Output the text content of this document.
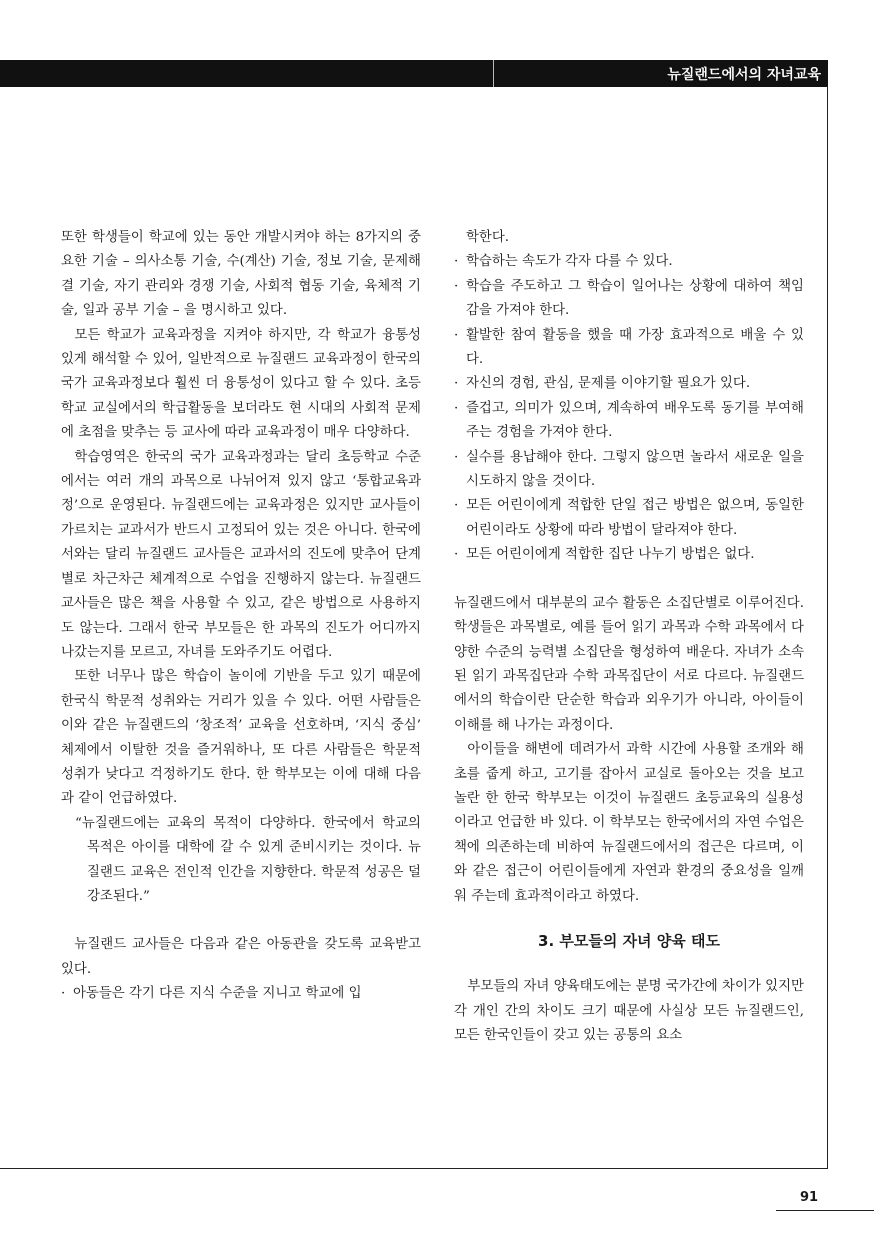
뉴질랜드에서의 자녀교육

또한 학생들이 학교에 있는 동안 개발시켜야 하는 8가지의 중요한 기술 – 의사소통 기술, 수(계산) 기술, 정보 기술, 문제해결 기술, 자기 관리와 경쟁 기술, 사회적 협동 기술, 육체적 기술, 일과 공부 기술 – 을 명시하고 있다.

모든 학교가 교육과정을 지켜야 하지만, 각 학교가 융통성 있게 해석할 수 있어, 일반적으로 뉴질랜드 교육과정이 한국의 국가 교육과정보다 훨씬 더 융통성이 있다고 할 수 있다. 초등학교 교실에서의 학급활동을 보더라도 현 시대의 사회적 문제에 초점을 맞추는 등 교사에 따라 교육과정이 매우 다양하다.

학습영역은 한국의 국가 교육과정과는 달리 초등학교 수준에서는 여러 개의 과목으로 나뉘어져 있지 않고 ‘통합교육과정’으로 운영된다. 뉴질랜드에는 교육과정은 있지만 교사들이 가르치는 교과서가 반드시 고정되어 있는 것은 아니다. 한국에서와는 달리 뉴질랜드 교사들은 교과서의 진도에 맞추어 단계별로 차근차근 체계적으로 수업을 진행하지 않는다. 뉴질랜드 교사들은 많은 책을 사용할 수 있고, 같은 방법으로 사용하지도 않는다. 그래서 한국 부모들은 한 과목의 진도가 어디까지 나갔는지를 모르고, 자녀를 도와주기도 어렵다.

또한 너무나 많은 학습이 놀이에 기반을 두고 있기 때문에 한국식 학문적 성취와는 거리가 있을 수 있다. 어떤 사람들은 이와 같은 뉴질랜드의 ‘창조적’ 교육을 선호하며, ‘지식 중심’ 체제에서 이탈한 것을 즐거워하나, 또 다른 사람들은 학문적 성취가 낮다고 걱정하기도 한다. 한 학부모는 이에 대해 다음과 같이 언급하였다.

“뉴질랜드에는 교육의 목적이 다양하다. 한국에서 학교의 목적은 아이를 대학에 갈 수 있게 준비시키는 것이다. 뉴질랜드 교육은 전인적 인간을 지향한다. 학문적 성공은 덜 강조된다.”

뉴질랜드 교사들은 다음과 같은 아동관을 갖도록 교육받고 있다.

· 아동들은 각기 다른 지식 수준을 지니고 학교에 입

학한다.

· 학습하는 속도가 각자 다를 수 있다.
· 학습을 주도하고 그 학습이 일어나는 상황에 대하여 책임감을 가져야 한다.
· 활발한 참여 활동을 했을 때 가장 효과적으로 배울 수 있다.
· 자신의 경험, 관심, 문제를 이야기할 필요가 있다.
· 즐겁고, 의미가 있으며, 계속하여 배우도록 동기를 부여해 주는 경험을 가져야 한다.
· 실수를 용납해야 한다. 그렇지 않으면 놀라서 새로운 일을 시도하지 않을 것이다.
· 모든 어린이에게 적합한 단일 접근 방법은 없으며, 동일한 어린이라도 상황에 따라 방법이 달라져야 한다.
· 모든 어린이에게 적합한 집단 나누기 방법은 없다.

뉴질랜드에서 대부분의 교수 활동은 소집단별로 이루어진다. 학생들은 과목별로, 예를 들어 읽기 과목과 수학 과목에서 다양한 수준의 능력별 소집단을 형성하여 배운다. 자녀가 소속된 읽기 과목집단과 수학 과목집단이 서로 다르다. 뉴질랜드에서의 학습이란 단순한 학습과 외우기가 아니라, 아이들이 이해를 해 나가는 과정이다.

아이들을 해변에 데려가서 과학 시간에 사용할 조개와 해초를 줍게 하고, 고기를 잡아서 교실로 돌아오는 것을 보고 놀란 한 한국 학부모는 이것이 뉴질랜드 초등교육의 실용성이라고 언급한 바 있다. 이 학부모는 한국에서의 자연 수업은 책에 의존하는데 비하여 뉴질랜드에서의 접근은 다르며, 이와 같은 접근이 어린이들에게 자연과 환경의 중요성을 일깨워 주는데 효과적이라고 하였다.

3. 부모들의 자녀 양육 태도

부모들의 자녀 양육태도에는 분명 국가간에 차이가 있지만 각 개인 간의 차이도 크기 때문에 사실상 모든 뉴질랜드인, 모든 한국인들이 갖고 있는 공통의 요소

91
